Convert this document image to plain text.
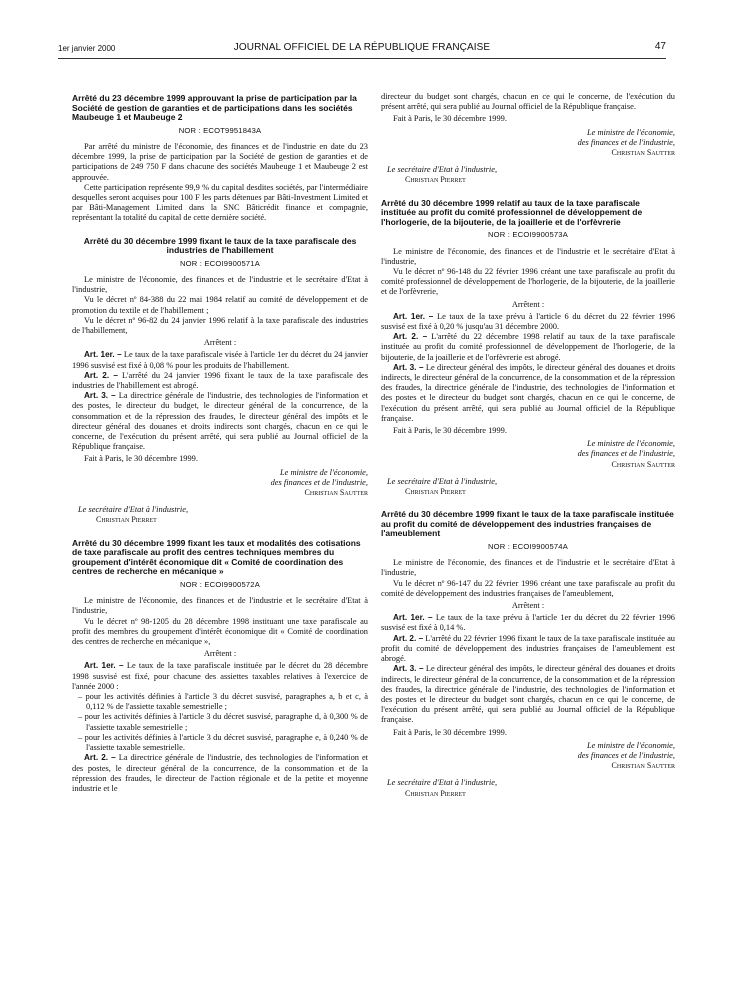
1er janvier 2000	JOURNAL OFFICIEL DE LA RÉPUBLIQUE FRANÇAISE	47

Arrêté du 23 décembre 1999 approuvant la prise de participation par la Société de gestion de garanties et de participations dans les sociétés Maubeuge 1 et Maubeuge 2

NOR : ECOT9951843A

Par arrêté du ministre de l'économie, des finances et de l'industrie en date du 23 décembre 1999, la prise de participation par la Société de gestion de garanties et de participations de 249 750 F dans chacune des sociétés Maubeuge 1 et Maubeuge 2 est approuvée.

Cette participation représente 99,9 % du capital desdites sociétés, par l'intermédiaire desquelles seront acquises pour 100 F les parts détenues par Bâti-Investment Limited et par Bâti-Management Limited dans la SNC Bâticrédit finance et compagnie, représentant la totalité du capital de cette dernière société.

Arrêté du 30 décembre 1999 fixant le taux de la taxe parafiscale des industries de l'habillement

NOR : ECOI9900571A

Le ministre de l'économie, des finances et de l'industrie et le secrétaire d'Etat à l'industrie,

Vu le décret nº 84-388 du 22 mai 1984 relatif au comité de développement et de promotion du textile et de l'habillement ;

Vu le décret nº 96-82 du 24 janvier 1996 relatif à la taxe parafiscale des industries de l'habillement,

Arrêtent :

Art. 1er. – Le taux de la taxe parafiscale visée à l'article 1er du décret du 24 janvier 1996 susvisé est fixé à 0,08 % pour les produits de l'habillement.

Art. 2. – L'arrêté du 24 janvier 1996 fixant le taux de la taxe parafiscale des industries de l'habillement est abrogé.

Art. 3. – La directrice générale de l'industrie, des technologies de l'information et des postes, le directeur du budget, le directeur général de la concurrence, de la consommation et de la répression des fraudes, le directeur général des impôts et le directeur général des douanes et droits indirects sont chargés, chacun en ce qui le concerne, de l'exécution du présent arrêté, qui sera publié au Journal officiel de la République française.

Fait à Paris, le 30 décembre 1999.

Le ministre de l'économie,

des finances et de l'industrie,

Christian Sautter

Le secrétaire d'Etat à l'industrie,

Christian Pierret

Arrêté du 30 décembre 1999 fixant les taux et modalités des cotisations de taxe parafiscale au profit des centres techniques membres du groupement d'intérêt économique dit « Comité de coordination des centres de recherche en mécanique »

NOR : ECOI9900572A

Le ministre de l'économie, des finances et de l'industrie et le secrétaire d'Etat à l'industrie,

Vu le décret nº 98-1205 du 28 décembre 1998 instituant une taxe parafiscale au profit des membres du groupement d'intérêt économique dit « Comité de coordination des centres de recherche en mécanique »,

Arrêtent :

Art. 1er. – Le taux de la taxe parafiscale instituée par le décret du 28 décembre 1998 susvisé est fixé, pour chacune des assiettes taxables relatives à l'exercice de l'année 2000 :

– pour les activités définies à l'article 3 du décret susvisé, paragraphes a, b et c, à 0,112 % de l'assiette taxable semestrielle ;

– pour les activités définies à l'article 3 du décret susvisé, paragraphe d, à 0,300 % de l'assiette taxable semestrielle ;

– pour les activités définies à l'article 3 du décret susvisé, paragraphe e, à 0,240 % de l'assiette taxable semestrielle.

Art. 2. – La directrice générale de l'industrie, des technologies de l'information et des postes, le directeur général de la concurrence, de la consommation et de la répression des fraudes, le directeur de l'action régionale et de la petite et moyenne industrie et le

directeur du budget sont chargés, chacun en ce qui le concerne, de l'exécution du présent arrêté, qui sera publié au Journal officiel de la République française.

Fait à Paris, le 30 décembre 1999.

Le ministre de l'économie,

des finances et de l'industrie,

Christian Sautter

Le secrétaire d'Etat à l'industrie,

Christian Pierret

Arrêté du 30 décembre 1999 relatif au taux de la taxe parafiscale instituée au profit du comité professionnel de développement de l'horlogerie, de la bijouterie, de la joaillerie et de l'orfèvrerie

NOR : ECOI9900573A

Le ministre de l'économie, des finances et de l'industrie et le secrétaire d'Etat à l'industrie,

Vu le décret nº 96-148 du 22 février 1996 créant une taxe parafiscale au profit du comité professionnel de développement de l'horlogerie, de la bijouterie, de la joaillerie et de l'orfèvrerie,

Arrêtent :

Art. 1er. – Le taux de la taxe prévu à l'article 6 du décret du 22 février 1996 susvisé est fixé à 0,20 % jusqu'au 31 décembre 2000.

Art. 2. – L'arrêté du 22 décembre 1998 relatif au taux de la taxe parafiscale instituée au profit du comité professionnel de développement de l'horlogerie, de la bijouterie, de la joaillerie et de l'orfèvrerie est abrogé.

Art. 3. – Le directeur général des impôts, le directeur général des douanes et droits indirects, le directeur général de la concurrence, de la consommation et de la répression des fraudes, la directrice générale de l'industrie, des technologies de l'information et des postes et le directeur du budget sont chargés, chacun en ce qui le concerne, de l'exécution du présent arrêté, qui sera publié au Journal officiel de la République française.

Fait à Paris, le 30 décembre 1999.

Le ministre de l'économie,

des finances et de l'industrie,

Christian Sautter

Le secrétaire d'Etat à l'industrie,

Christian Pierret

Arrêté du 30 décembre 1999 fixant le taux de la taxe parafiscale instituée au profit du comité de développement des industries françaises de l'ameublement

NOR : ECOI9900574A

Le ministre de l'économie, des finances et de l'industrie et le secrétaire d'Etat à l'industrie,

Vu le décret nº 96-147 du 22 février 1996 créant une taxe parafiscale au profit du comité de développement des industries françaises de l'ameublement,

Arrêtent :

Art. 1er. – Le taux de la taxe prévu à l'article 1er du décret du 22 février 1996 susvisé est fixé à 0,14 %.

Art. 2. – L'arrêté du 22 février 1996 fixant le taux de la taxe parafiscale instituée au profit du comité de développement des industries françaises de l'ameublement est abrogé.

Art. 3. – Le directeur général des impôts, le directeur général des douanes et droits indirects, le directeur général de la concurrence, de la consommation et de la répression des fraudes, la directrice générale de l'industrie, des technologies de l'information et des postes et le directeur du budget sont chargés, chacun en ce qui le concerne, de l'exécution du présent arrêté, qui sera publié au Journal officiel de la République française.

Fait à Paris, le 30 décembre 1999.

Le ministre de l'économie,

des finances et de l'industrie,

Christian Sautter

Le secrétaire d'Etat à l'industrie,

Christian Pierret
